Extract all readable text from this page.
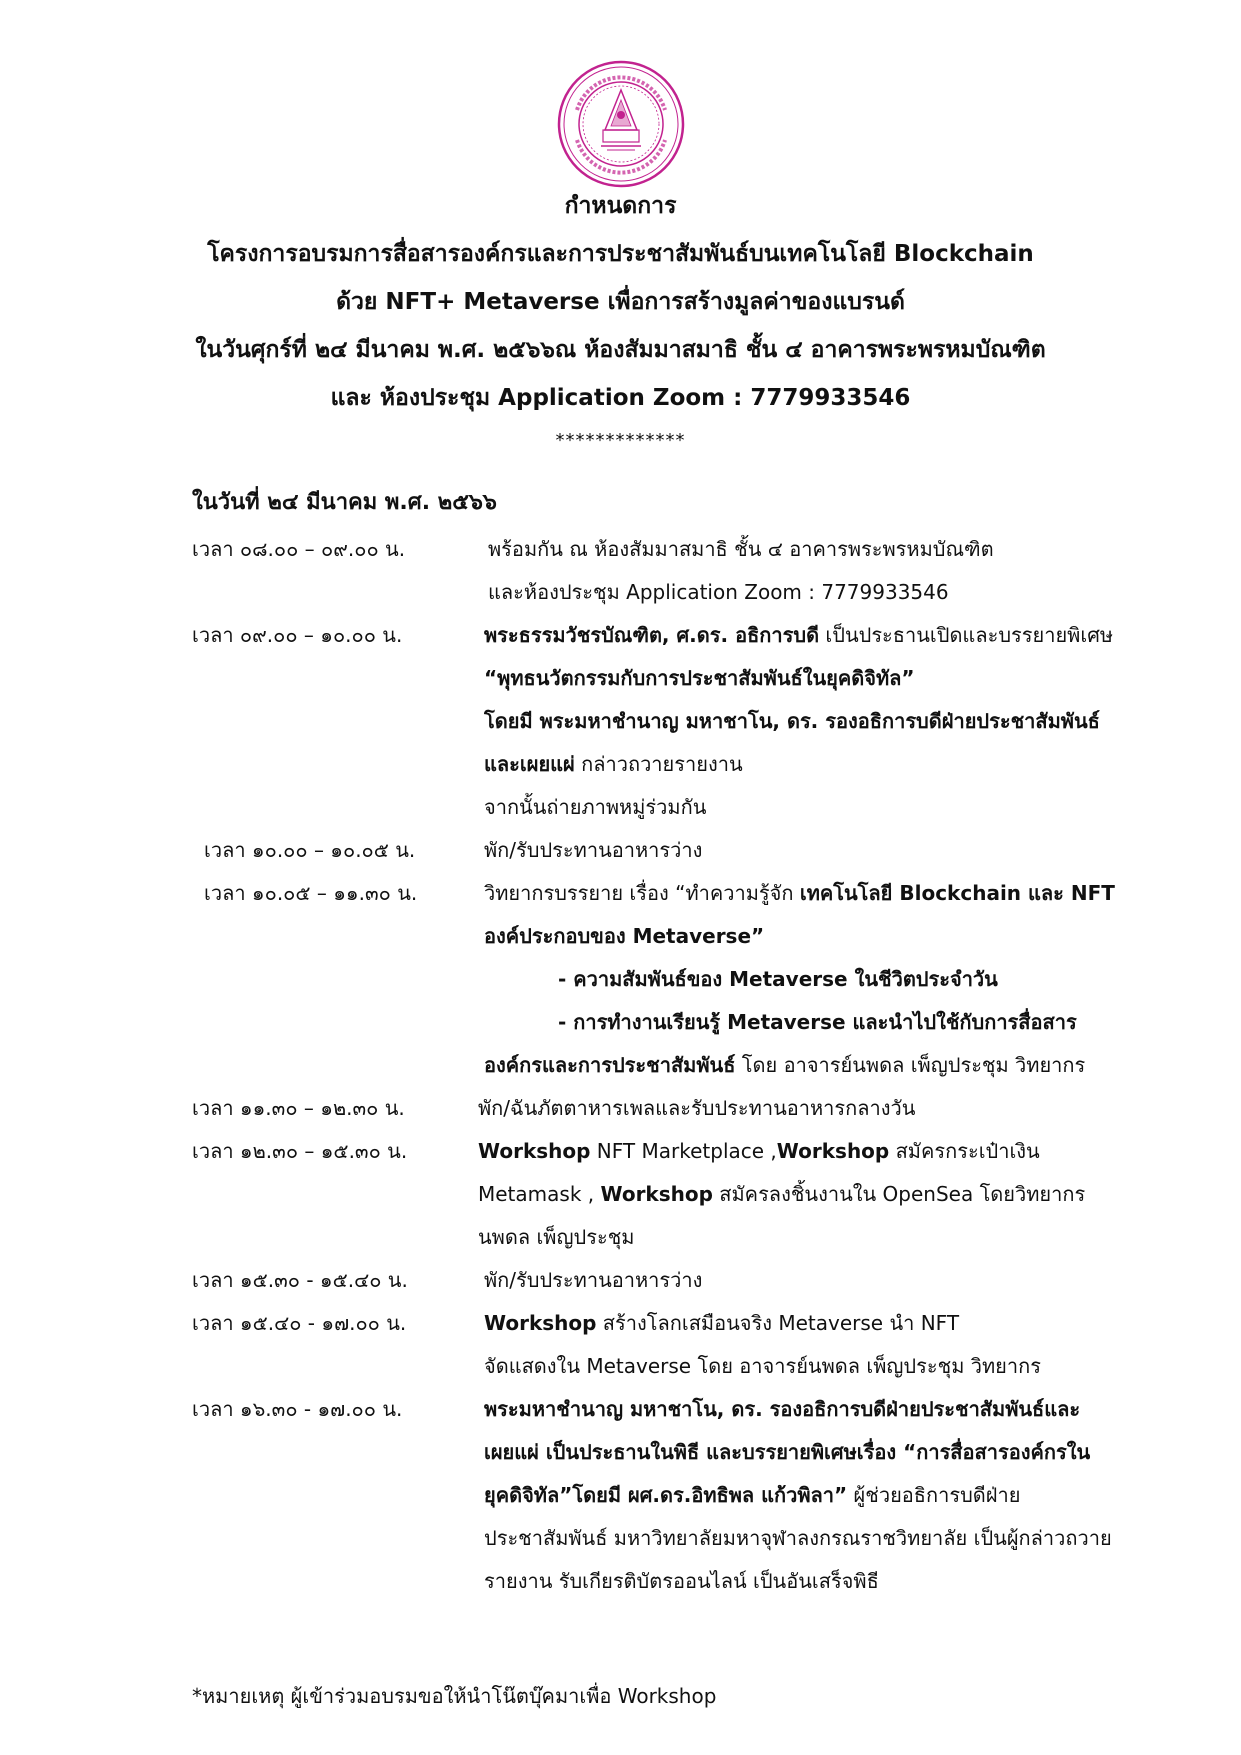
กำหนดการ
โครงการอบรมการสื่อสารองค์กรและการประชาสัมพันธ์บนเทคโนโลยี Blockchain
ด้วย NFT+ Metaverse เพื่อการสร้างมูลค่าของแบรนด์
ในวันศุกร์ที่ ๒๔ มีนาคม พ.ศ. ๒๕๖๖ณ ห้องสัมมาสมาธิ ชั้น ๔ อาคารพระพรหมบัณฑิต
และ ห้องประชุม Application Zoom : 7779933546
*************
ในวันที่ ๒๔ มีนาคม พ.ศ. ๒๕๖๖
เวลา ๐๘.๐๐ – ๐๙.๐๐ น.	พร้อมกัน ณ ห้องสัมมาสมาธิ ชั้น ๔ อาคารพระพรหมบัณฑิต
และห้องประชุม Application Zoom : 7779933546
เวลา ๐๙.๐๐ – ๑๐.๐๐ น.	พระธรรมวัชรบัณฑิต, ศ.ดร. อธิการบดี เป็นประธานเปิดและบรรยายพิเศษ
“พุทธนวัตกรรมกับการประชาสัมพันธ์ในยุคดิจิทัล”
โดยมี พระมหาชำนาญ มหาชาโน, ดร. รองอธิการบดีฝ่ายประชาสัมพันธ์
และเผยแผ่ กล่าวถวายรายงาน
จากนั้นถ่ายภาพหมู่ร่วมกัน
เวลา ๑๐.๐๐ – ๑๐.๐๕ น.	พัก/รับประทานอาหารว่าง
เวลา ๑๐.๐๕ – ๑๑.๓๐ น.	วิทยากรบรรยาย เรื่อง “ทำความรู้จัก เทคโนโลยี Blockchain และ NFT
องค์ประกอบของ Metaverse”
- ความสัมพันธ์ของ Metaverse ในชีวิตประจำวัน
- การทำงานเรียนรู้ Metaverse และนำไปใช้กับการสื่อสาร
องค์กรและการประชาสัมพันธ์ โดย อาจารย์นพดล เพ็ญประชุม วิทยากร
เวลา ๑๑.๓๐ – ๑๒.๓๐ น.	พัก/ฉันภัตตาหารเพลและรับประทานอาหารกลางวัน
เวลา ๑๒.๓๐ – ๑๕.๓๐ น.	Workshop NFT Marketplace ,Workshop สมัครกระเป๋าเงิน
Metamask , Workshop สมัครลงชิ้นงานใน OpenSea โดยวิทยากร
นพดล เพ็ญประชุม
เวลา ๑๕.๓๐ - ๑๕.๔๐ น.	พัก/รับประทานอาหารว่าง
เวลา ๑๕.๔๐ - ๑๗.๐๐ น.	Workshop สร้างโลกเสมือนจริง Metaverse นำ NFT
จัดแสดงใน Metaverse โดย อาจารย์นพดล เพ็ญประชุม วิทยากร
เวลา ๑๖.๓๐ - ๑๗.๐๐ น.	พระมหาชำนาญ มหาชาโน, ดร. รองอธิการบดีฝ่ายประชาสัมพันธ์และ
เผยแผ่ เป็นประธานในพิธี และบรรยายพิเศษเรื่อง “การสื่อสารองค์กรใน
ยุคดิจิทัล”โดยมี ผศ.ดร.อิทธิพล แก้วพิลา” ผู้ช่วยอธิการบดีฝ่าย
ประชาสัมพันธ์ มหาวิทยาลัยมหาจุฬาลงกรณราชวิทยาลัย เป็นผู้กล่าวถวาย
รายงาน รับเกียรติบัตรออนไลน์ เป็นอันเสร็จพิธี
*หมายเหตุ ผู้เข้าร่วมอบรมขอให้นำโน๊ตบุ๊คมาเพื่อ Workshop
